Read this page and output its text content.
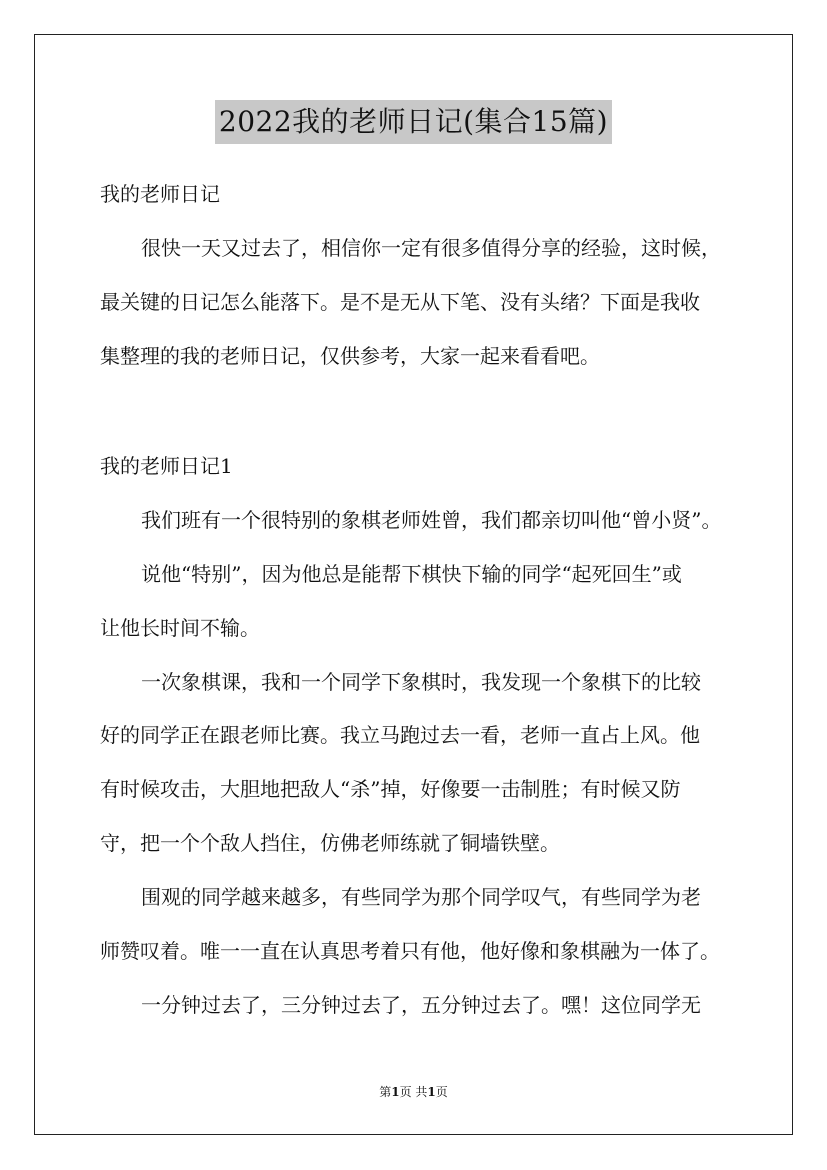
2022我的老师日记(集合15篇)
我的老师日记
很快一天又过去了，相信你一定有很多值得分享的经验，这时候，
最关键的日记怎么能落下。是不是无从下笔、没有头绪？下面是我收
集整理的我的老师日记，仅供参考，大家一起来看看吧。
我的老师日记1
我们班有一个很特别的象棋老师姓曾，我们都亲切叫他“曾小贤”。
说他“特别”，因为他总是能帮下棋快下输的同学“起死回生”或
让他长时间不输。
一次象棋课，我和一个同学下象棋时，我发现一个象棋下的比较
好的同学正在跟老师比赛。我立马跑过去一看，老师一直占上风。他
有时候攻击，大胆地把敌人“杀”掉，好像要一击制胜；有时候又防
守，把一个个敌人挡住，仿佛老师练就了铜墙铁壁。
围观的同学越来越多，有些同学为那个同学叹气，有些同学为老
师赞叹着。唯一一直在认真思考着只有他，他好像和象棋融为一体了。
一分钟过去了，三分钟过去了，五分钟过去了。嘿！这位同学无
第1页 共1页
